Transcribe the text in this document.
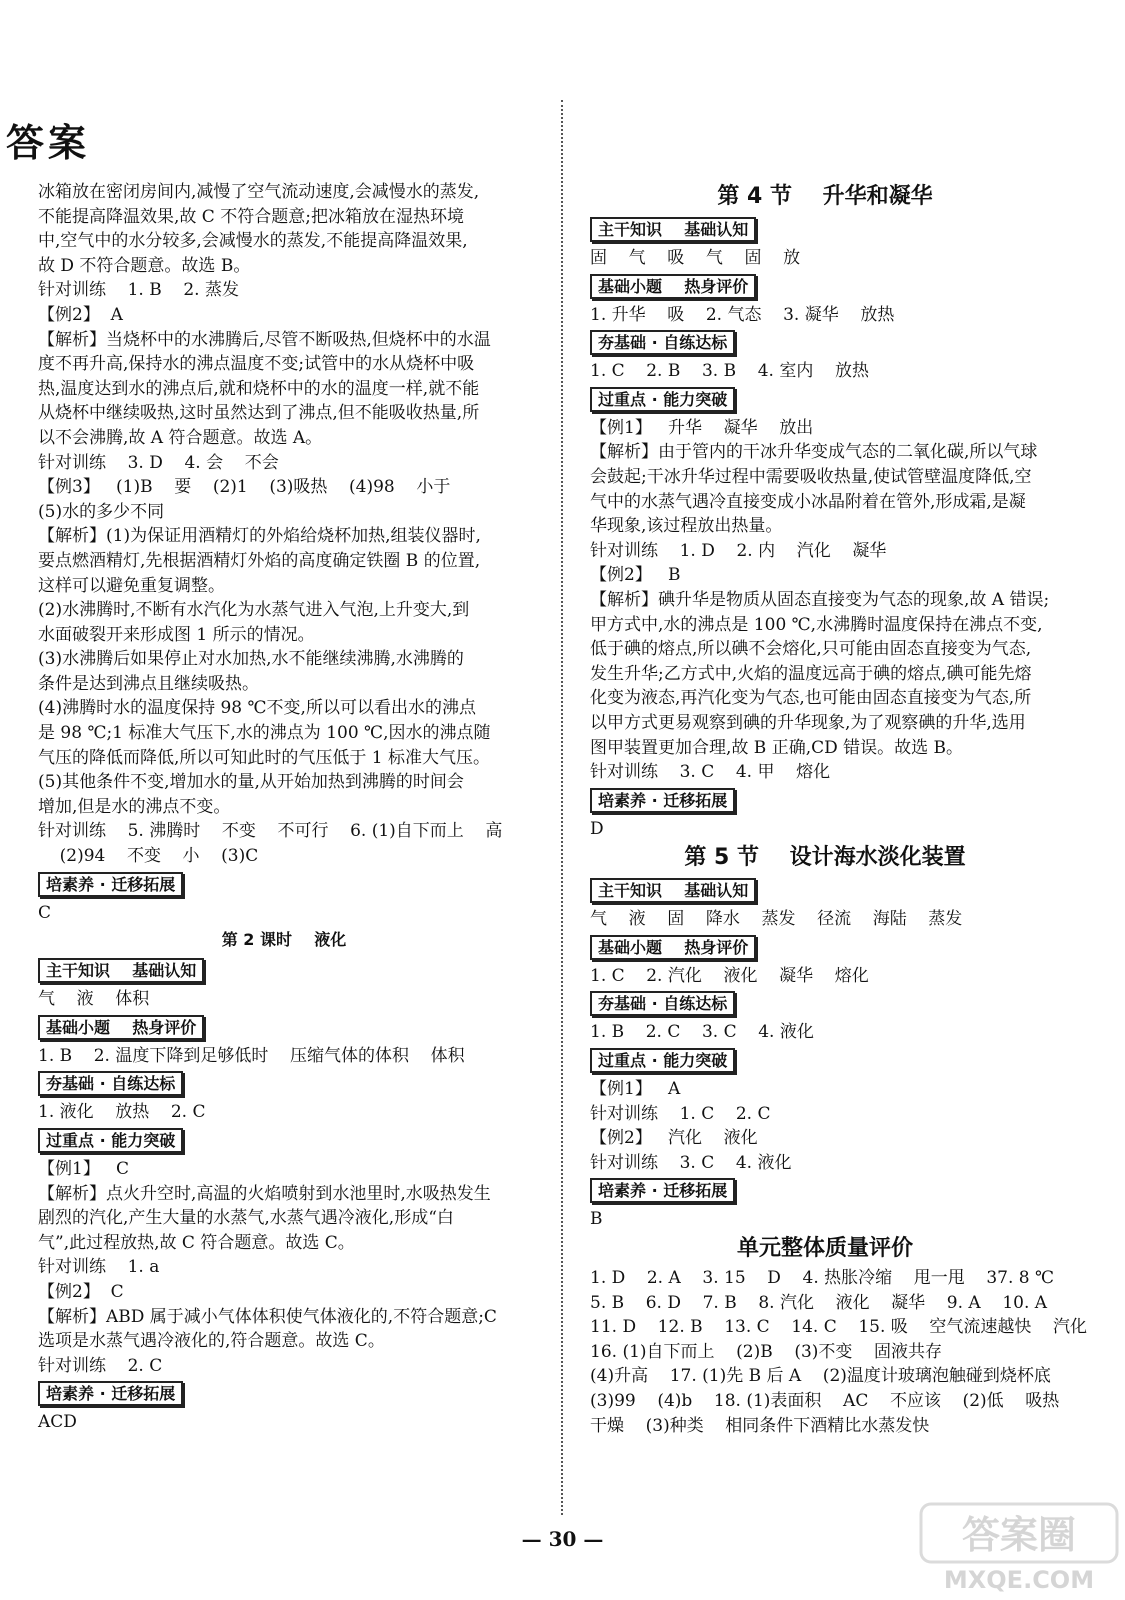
答案
冰箱放在密闭房间内,减慢了空气流动速度,会减慢水的蒸发,
不能提高降温效果,故 C 不符合题意;把冰箱放在湿热环境
中,空气中的水分较多,会减慢水的蒸发,不能提高降温效果,
故 D 不符合题意。故选 B。
针对训练    1. B    2. 蒸发
【例2】  A
【解析】当烧杯中的水沸腾后,尽管不断吸热,但烧杯中的水温
度不再升高,保持水的沸点温度不变;试管中的水从烧杯中吸
热,温度达到水的沸点后,就和烧杯中的水的温度一样,就不能
从烧杯中继续吸热,这时虽然达到了沸点,但不能吸收热量,所
以不会沸腾,故 A 符合题意。故选 A。
针对训练    3. D    4. 会    不会
【例3】   (1)B    要    (2)1    (3)吸热    (4)98    小于
(5)水的多少不同
【解析】(1)为保证用酒精灯的外焰给烧杯加热,组装仪器时,
要点燃酒精灯,先根据酒精灯外焰的高度确定铁圈 B 的位置,
这样可以避免重复调整。
(2)水沸腾时,不断有水汽化为水蒸气进入气泡,上升变大,到
水面破裂开来形成图 1 所示的情况。
(3)水沸腾后如果停止对水加热,水不能继续沸腾,水沸腾的
条件是达到沸点且继续吸热。
(4)沸腾时水的温度保持 98 ℃不变,所以可以看出水的沸点
是 98 ℃;1 标准大气压下,水的沸点为 100 ℃,因水的沸点随
气压的降低而降低,所以可知此时的气压低于 1 标准大气压。
(5)其他条件不变,增加水的量,从开始加热到沸腾的时间会
增加,但是水的沸点不变。
针对训练    5. 沸腾时    不变    不可行    6. (1)自下而上    高
(2)94    不变    小    (3)C
培素养 · 迁移拓展
C
第 2 课时    液化
主干知识    基础认知
气    液    体积
基础小题    热身评价
1. B    2. 温度下降到足够低时    压缩气体的体积    体积
夯基础 · 自练达标
1. 液化    放热    2. C
过重点 · 能力突破
【例1】   C
【解析】点火升空时,高温的火焰喷射到水池里时,水吸热发生
剧烈的汽化,产生大量的水蒸气,水蒸气遇冷液化,形成“白
气”,此过程放热,故 C 符合题意。故选 C。
针对训练    1. a
【例2】  C
【解析】ABD 属于减小气体体积使气体液化的,不符合题意;C
选项是水蒸气遇冷液化的,符合题意。故选 C。
针对训练    2. C
培素养 · 迁移拓展
ACD
第 4 节    升华和凝华
主干知识    基础认知
固    气    吸    气    固    放
基础小题    热身评价
1. 升华    吸    2. 气态    3. 凝华    放热
夯基础 · 自练达标
1. C    2. B    3. B    4. 室内    放热
过重点 · 能力突破
【例1】   升华    凝华    放出
【解析】由于管内的干冰升华变成气态的二氧化碳,所以气球
会鼓起;干冰升华过程中需要吸收热量,使试管壁温度降低,空
气中的水蒸气遇冷直接变成小冰晶附着在管外,形成霜,是凝
华现象,该过程放出热量。
针对训练    1. D    2. 内    汽化    凝华
【例2】   B
【解析】碘升华是物质从固态直接变为气态的现象,故 A 错误;
甲方式中,水的沸点是 100 ℃,水沸腾时温度保持在沸点不变,
低于碘的熔点,所以碘不会熔化,只可能由固态直接变为气态,
发生升华;乙方式中,火焰的温度远高于碘的熔点,碘可能先熔
化变为液态,再汽化变为气态,也可能由固态直接变为气态,所
以甲方式更易观察到碘的升华现象,为了观察碘的升华,选用
图甲装置更加合理,故 B 正确,CD 错误。故选 B。
针对训练    3. C    4. 甲    熔化
培素养 · 迁移拓展
D
第 5 节    设计海水淡化装置
主干知识    基础认知
气    液    固    降水    蒸发    径流    海陆    蒸发
基础小题    热身评价
1. C    2. 汽化    液化    凝华    熔化
夯基础 · 自练达标
1. B    2. C    3. C    4. 液化
过重点 · 能力突破
【例1】   A
针对训练    1. C    2. C
【例2】   汽化    液化
针对训练    3. C    4. 液化
培素养 · 迁移拓展
B
单元整体质量评价
1. D    2. A    3. 15    D    4. 热胀冷缩    甩一甩    37. 8 ℃
5. B    6. D    7. B    8. 汽化    液化    凝华    9. A    10. A
11. D    12. B    13. C    14. C    15. 吸    空气流速越快    汽化
16. (1)自下而上    (2)B    (3)不变    固液共存
(4)升高    17. (1)先 B 后 A    (2)温度计玻璃泡触碰到烧杯底
(3)99    (4)b    18. (1)表面积    AC    不应该    (2)低    吸热
干燥    (3)种类    相同条件下酒精比水蒸发快
— 30 —	答案圈
MXQE.COM
